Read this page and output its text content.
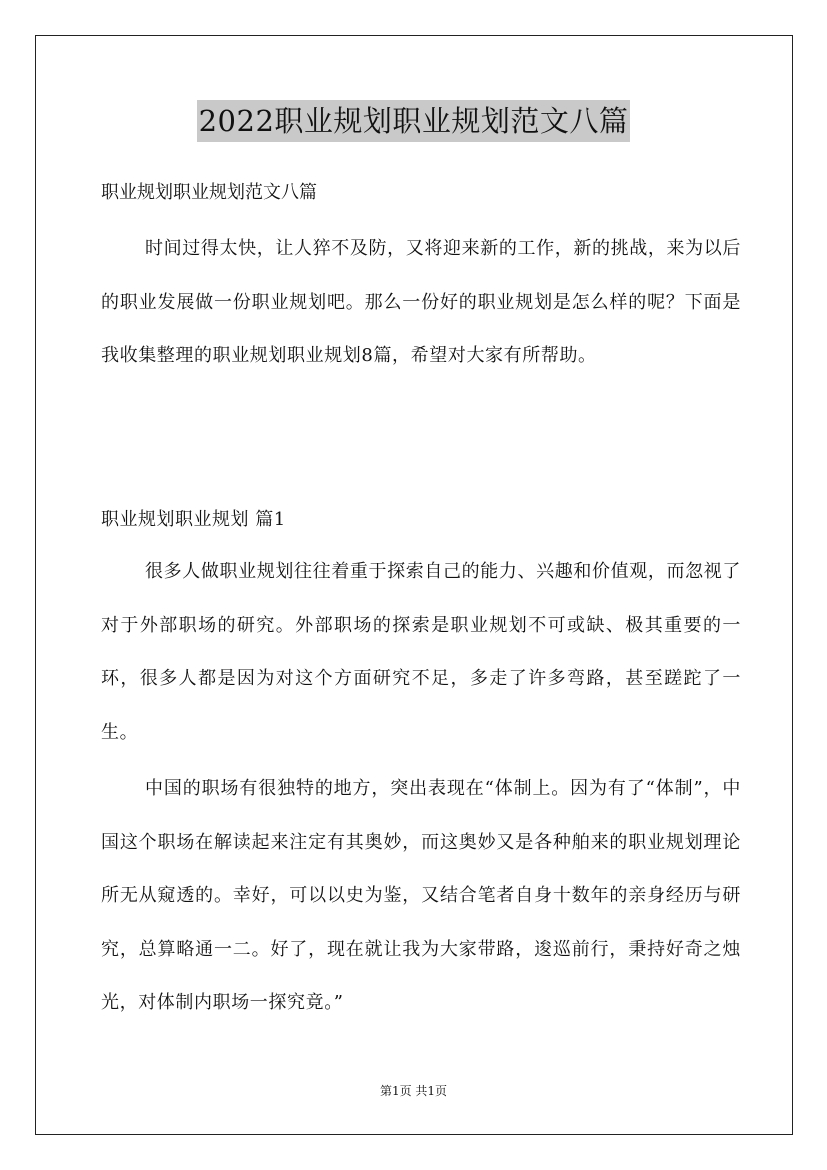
2022职业规划职业规划范文八篇
职业规划职业规划范文八篇

时间过得太快，让人猝不及防，又将迎来新的工作，新的挑战，来为以后的职业发展做一份职业规划吧。那么一份好的职业规划是怎么样的呢？下面是我收集整理的职业规划职业规划8篇，希望对大家有所帮助。

职业规划职业规划 篇1

很多人做职业规划往往着重于探索自己的能力、兴趣和价值观，而忽视了对于外部职场的研究。外部职场的探索是职业规划不可或缺、极其重要的一环，很多人都是因为对这个方面研究不足，多走了许多弯路，甚至蹉跎了一生。

中国的职场有很独特的地方，突出表现在“体制上。因为有了“体制”，中国这个职场在解读起来注定有其奥妙，而这奥妙又是各种舶来的职业规划理论所无从窥透的。幸好，可以以史为鉴，又结合笔者自身十数年的亲身经历与研究，总算略通一二。好了，现在就让我为大家带路，逡巡前行，秉持好奇之烛光，对体制内职场一探究竟。”

第1页 共1页
